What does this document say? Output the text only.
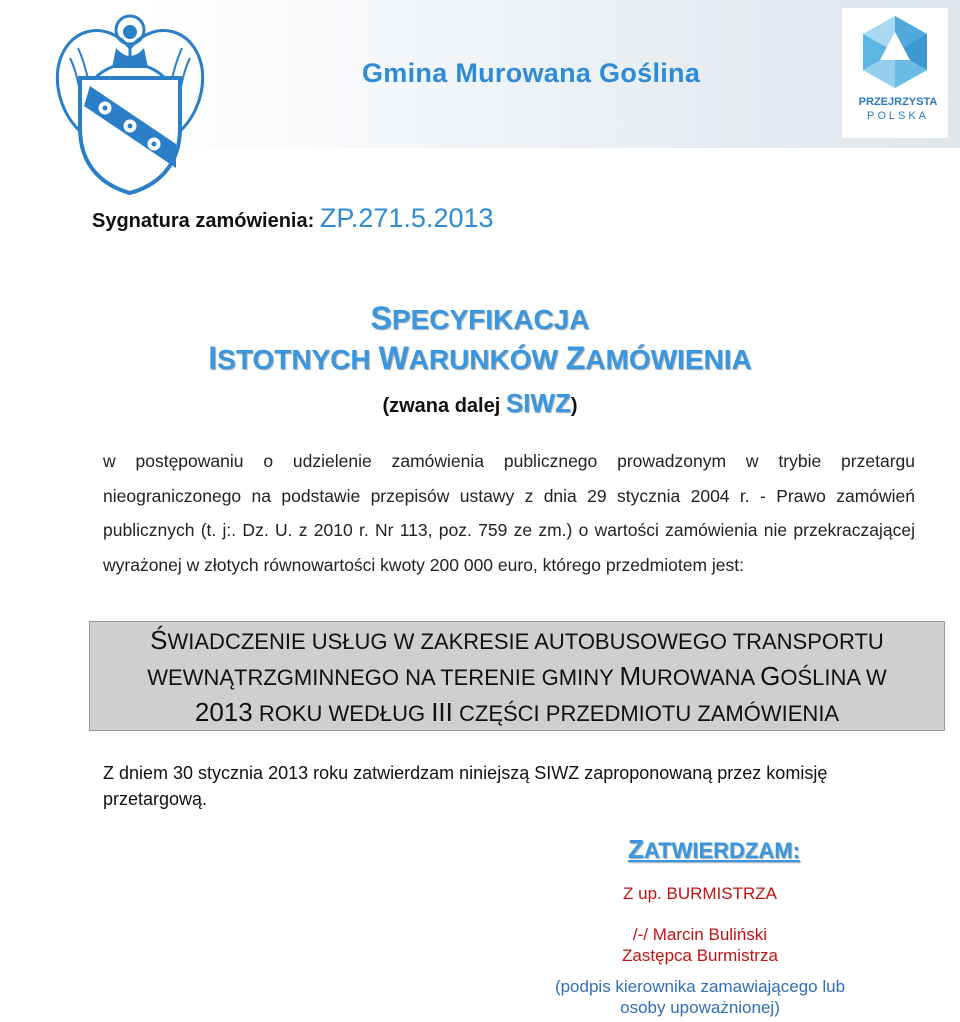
Gmina Murowana Goślina
PRZEJRZYSTA
POLSKA
Sygnatura zamówienia: ZP.271.5.2013
SPECYFIKACJA
ISTOTNYCH WARUNKÓW ZAMÓWIENIA
(zwana dalej SIWZ)

w postępowaniu o udzielenie zamówienia publicznego prowadzonym w trybie przetargu nieograniczonego na podstawie przepisów ustawy z dnia 29 stycznia 2004 r. - Prawo zamówień publicznych (t. j:. Dz. U. z 2010 r. Nr 113, poz. 759 ze zm.) o wartości zamówienia nie przekraczającej wyrażonej w złotych równowartości kwoty 200 000 euro, którego przedmiotem jest:

ŚWIADCZENIE USŁUG W ZAKRESIE AUTOBUSOWEGO TRANSPORTU
WEWNĄTRZGMINNEGO NA TERENIE GMINY MUROWANA GOŚLINA W
2013 ROKU WEDŁUG III CZĘŚCI PRZEDMIOTU ZAMÓWIENIA

Z dniem 30 stycznia 2013 roku zatwierdzam niniejszą SIWZ zaproponowaną przez komisję przetargową.

ZATWIERDZAM:
Z up. BURMISTRZA
/-/ Marcin Buliński
Zastępca Burmistrza
(podpis kierownika zamawiającego lub
osoby upoważnionej)
